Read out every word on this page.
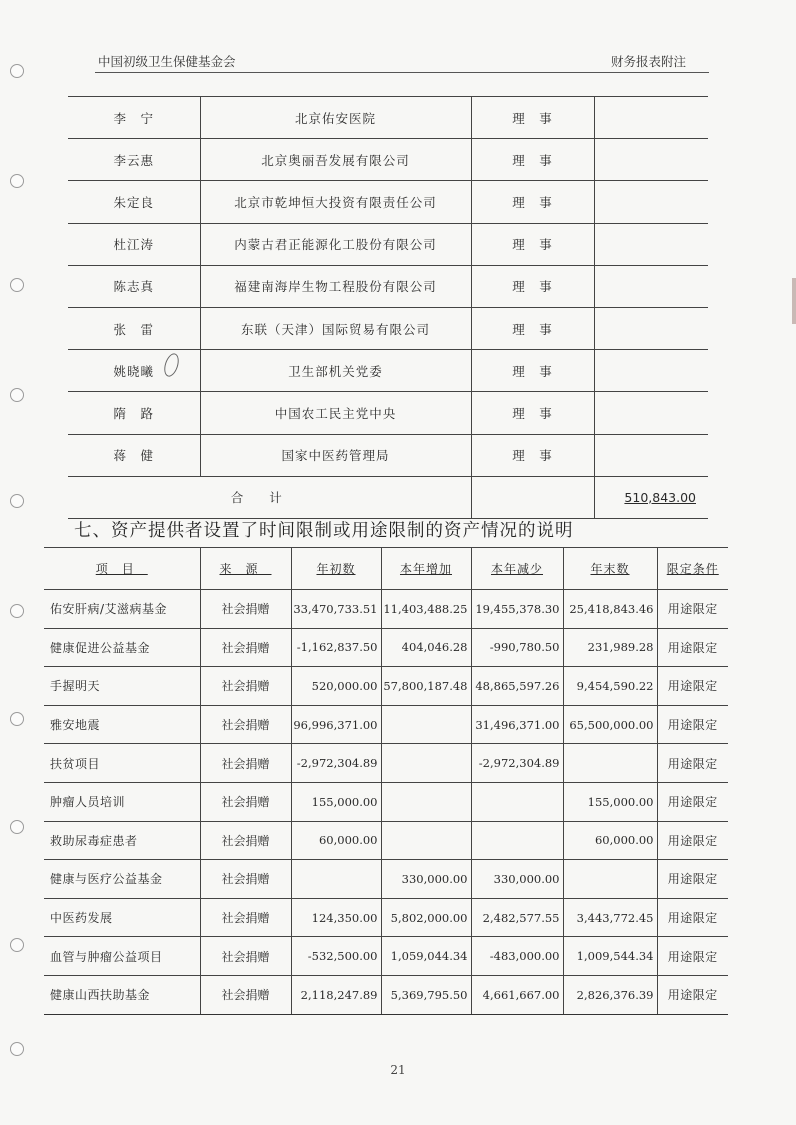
中国初级卫生保健基金会	财务报表附注
李　宁	北京佑安医院	理　事	
李云惠	北京奥丽吾发展有限公司	理　事	
朱定良	北京市乾坤恒大投资有限责任公司	理　事	
杜江涛	内蒙古君正能源化工股份有限公司	理　事	
陈志真	福建南海岸生物工程股份有限公司	理　事	
张　雷	东联（天津）国际贸易有限公司	理　事	
姚晓曦	卫生部机关党委	理　事	
隋　路	中国农工民主党中央	理　事	
蒋　健	国家中医药管理局	理　事	
合计			510,843.00
七、资产提供者设置了时间限制或用途限制的资产情况的说明
项目	来源	年初数	本年增加	本年减少	年末数	限定条件
佑安肝病/艾滋病基金	社会捐赠	33,470,733.51	11,403,488.25	19,455,378.30	25,418,843.46	用途限定
健康促进公益基金	社会捐赠	-1,162,837.50	404,046.28	-990,780.50	231,989.28	用途限定
手握明天	社会捐赠	520,000.00	57,800,187.48	48,865,597.26	9,454,590.22	用途限定
雅安地震	社会捐赠	96,996,371.00		31,496,371.00	65,500,000.00	用途限定
扶贫项目	社会捐赠	-2,972,304.89		-2,972,304.89		用途限定
肿瘤人员培训	社会捐赠	155,000.00			155,000.00	用途限定
救助尿毒症患者	社会捐赠	60,000.00			60,000.00	用途限定
健康与医疗公益基金	社会捐赠		330,000.00	330,000.00		用途限定
中医药发展	社会捐赠	124,350.00	5,802,000.00	2,482,577.55	3,443,772.45	用途限定
血管与肿瘤公益项目	社会捐赠	-532,500.00	1,059,044.34	-483,000.00	1,009,544.34	用途限定
健康山西扶助基金	社会捐赠	2,118,247.89	5,369,795.50	4,661,667.00	2,826,376.39	用途限定
21
